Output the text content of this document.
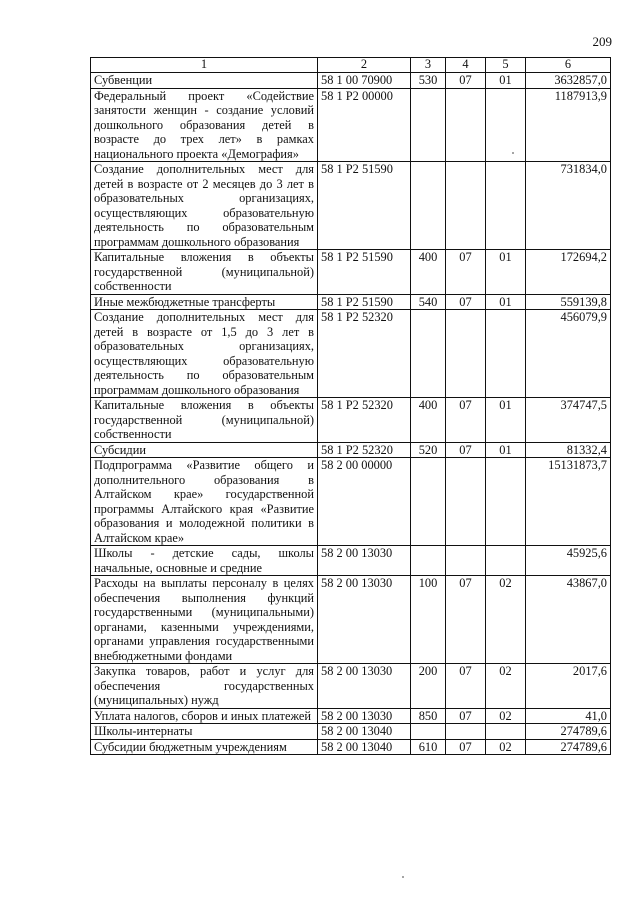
209
1	2	3	4	5	6
Субвенции	58 1 00 70900	530	07	01	3632857,0
Федеральный проект «Содействие занятости женщин - создание условий дошкольного образования детей в возрасте до трех лет» в рамках национального проекта «Демография»	58 1 P2 00000				1187913,9
Создание дополнительных мест для детей в возрасте от 2 месяцев до 3 лет в образовательных организациях, осуществляющих образовательную деятельность по образовательным программам дошкольного образования	58 1 P2 51590				731834,0
Капитальные вложения в объекты государственной (муниципальной) собственности	58 1 P2 51590	400	07	01	172694,2
Иные межбюджетные трансферты	58 1 P2 51590	540	07	01	559139,8
Создание дополнительных мест для детей в возрасте от 1,5 до 3 лет в образовательных организациях, осуществляющих образовательную деятельность по образовательным программам дошкольного образования	58 1 P2 52320				456079,9
Капитальные вложения в объекты государственной (муниципальной) собственности	58 1 P2 52320	400	07	01	374747,5
Субсидии	58 1 P2 52320	520	07	01	81332,4
Подпрограмма «Развитие общего и дополнительного образования в Алтайском крае» государственной программы Алтайского края «Развитие образования и молодежной политики в Алтайском крае»	58 2 00 00000				15131873,7
Школы - детские сады, школы начальные, основные и средние	58 2 00 13030				45925,6
Расходы на выплаты персоналу в целях обеспечения выполнения функций государственными (муниципальными) органами, казенными учреждениями, органами управления государственными внебюджетными фондами	58 2 00 13030	100	07	02	43867,0
Закупка товаров, работ и услуг для обеспечения государственных (муниципальных) нужд	58 2 00 13030	200	07	02	2017,6
Уплата налогов, сборов и иных платежей	58 2 00 13030	850	07	02	41,0
Школы-интернаты	58 2 00 13040				274789,6
Субсидии бюджетным учреждениям	58 2 00 13040	610	07	02	274789,6
